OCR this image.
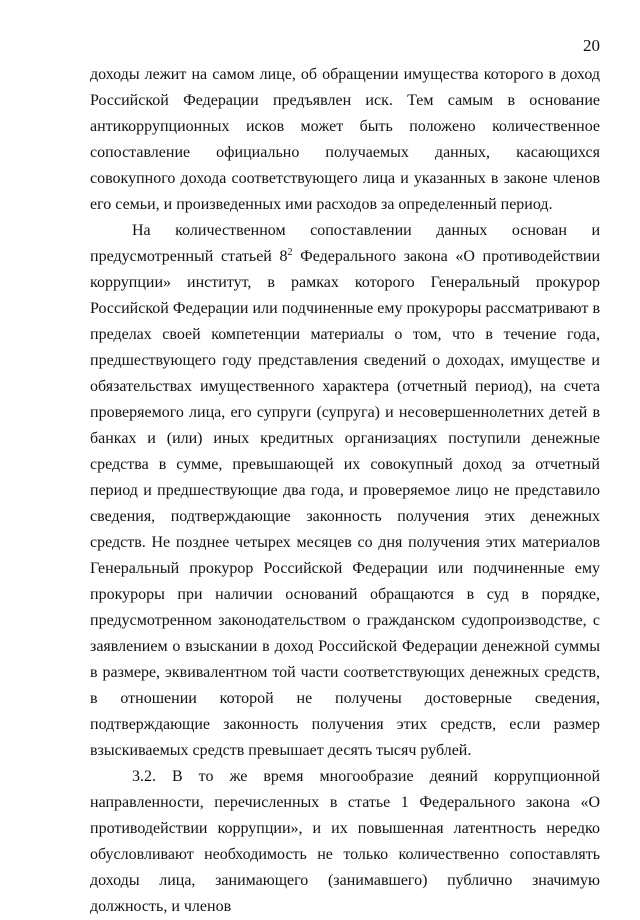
20

доходы лежит на самом лице, об обращении имущества которого в доход Российской Федерации предъявлен иск. Тем самым в основание антикоррупционных исков может быть положено количественное сопоставление официально получаемых данных, касающихся совокупного дохода соответствующего лица и указанных в законе членов его семьи, и произведенных ими расходов за определенный период.

На количественном сопоставлении данных основан и предусмотренный статьей $8^2$ Федерального закона «О противодействии коррупции» институт, в рамках которого Генеральный прокурор Российской Федерации или подчиненные ему прокуроры рассматривают в пределах своей компетенции материалы о том, что в течение года, предшествующего году представления сведений о доходах, имуществе и обязательствах имущественного характера (отчетный период), на счета проверяемого лица, его супруги (супруга) и несовершеннолетних детей в банках и (или) иных кредитных организациях поступили денежные средства в сумме, превышающей их совокупный доход за отчетный период и предшествующие два года, и проверяемое лицо не представило сведения, подтверждающие законность получения этих денежных средств. Не позднее четырех месяцев со дня получения этих материалов Генеральный прокурор Российской Федерации или подчиненные ему прокуроры при наличии оснований обращаются в суд в порядке, предусмотренном законодательством о гражданском судопроизводстве, с заявлением о взыскании в доход Российской Федерации денежной суммы в размере, эквивалентном той части соответствующих денежных средств, в отношении которой не получены достоверные сведения, подтверждающие законность получения этих средств, если размер взыскиваемых средств превышает десять тысяч рублей.

3.2. В то же время многообразие деяний коррупционной направленности, перечисленных в статье 1 Федерального закона «О противодействии коррупции», и их повышенная латентность нередко обусловливают необходимость не только количественно сопоставлять доходы лица, занимающего (занимавшего) публично значимую должность, и членов
